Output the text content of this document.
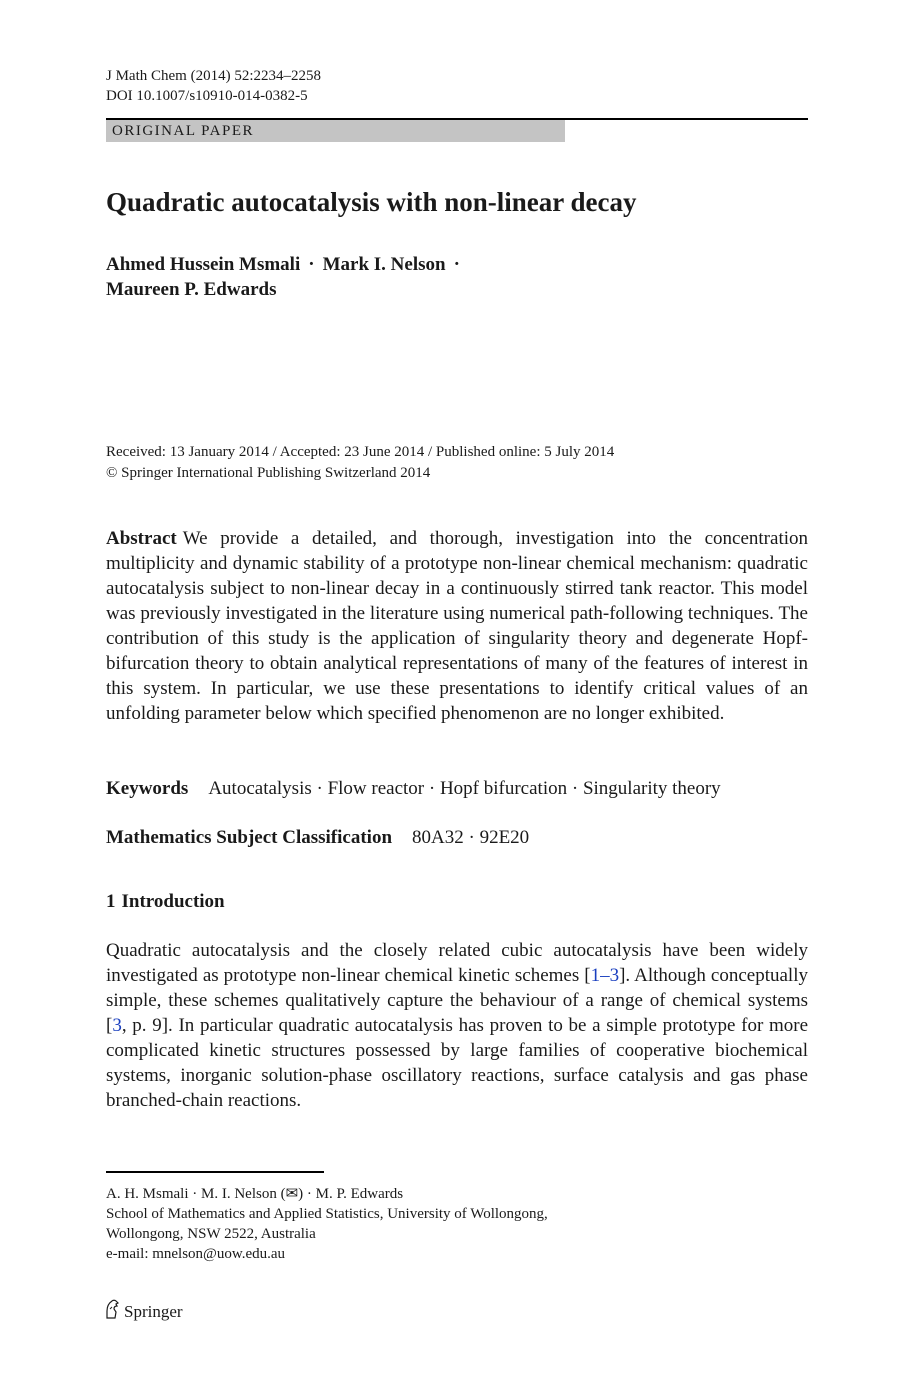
J Math Chem (2014) 52:2234–2258
DOI 10.1007/s10910-014-0382-5
ORIGINAL PAPER
Quadratic autocatalysis with non-linear decay
Ahmed Hussein Msmali · Mark I. Nelson ·
Maureen P. Edwards
Received: 13 January 2014 / Accepted: 23 June 2014 / Published online: 5 July 2014
© Springer International Publishing Switzerland 2014
Abstract We provide a detailed, and thorough, investigation into the concentration multiplicity and dynamic stability of a prototype non-linear chemical mechanism: quadratic autocatalysis subject to non-linear decay in a continuously stirred tank reactor. This model was previously investigated in the literature using numerical path-following techniques. The contribution of this study is the application of singularity theory and degenerate Hopf-bifurcation theory to obtain analytical representations of many of the features of interest in this system. In particular, we use these presentations to identify critical values of an unfolding parameter below which specified phenomenon are no longer exhibited.
Keywords Autocatalysis · Flow reactor · Hopf bifurcation · Singularity theory
Mathematics Subject Classification 80A32 · 92E20
1 Introduction
Quadratic autocatalysis and the closely related cubic autocatalysis have been widely investigated as prototype non-linear chemical kinetic schemes [1–3]. Although conceptually simple, these schemes qualitatively capture the behaviour of a range of chemical systems [3, p. 9]. In particular quadratic autocatalysis has proven to be a simple prototype for more complicated kinetic structures possessed by large families of cooperative biochemical systems, inorganic solution-phase oscillatory reactions, surface catalysis and gas phase branched-chain reactions.
A. H. Msmali · M. I. Nelson (✉) · M. P. Edwards
School of Mathematics and Applied Statistics, University of Wollongong,
Wollongong, NSW 2522, Australia
e-mail: mnelson@uow.edu.au
Springer
